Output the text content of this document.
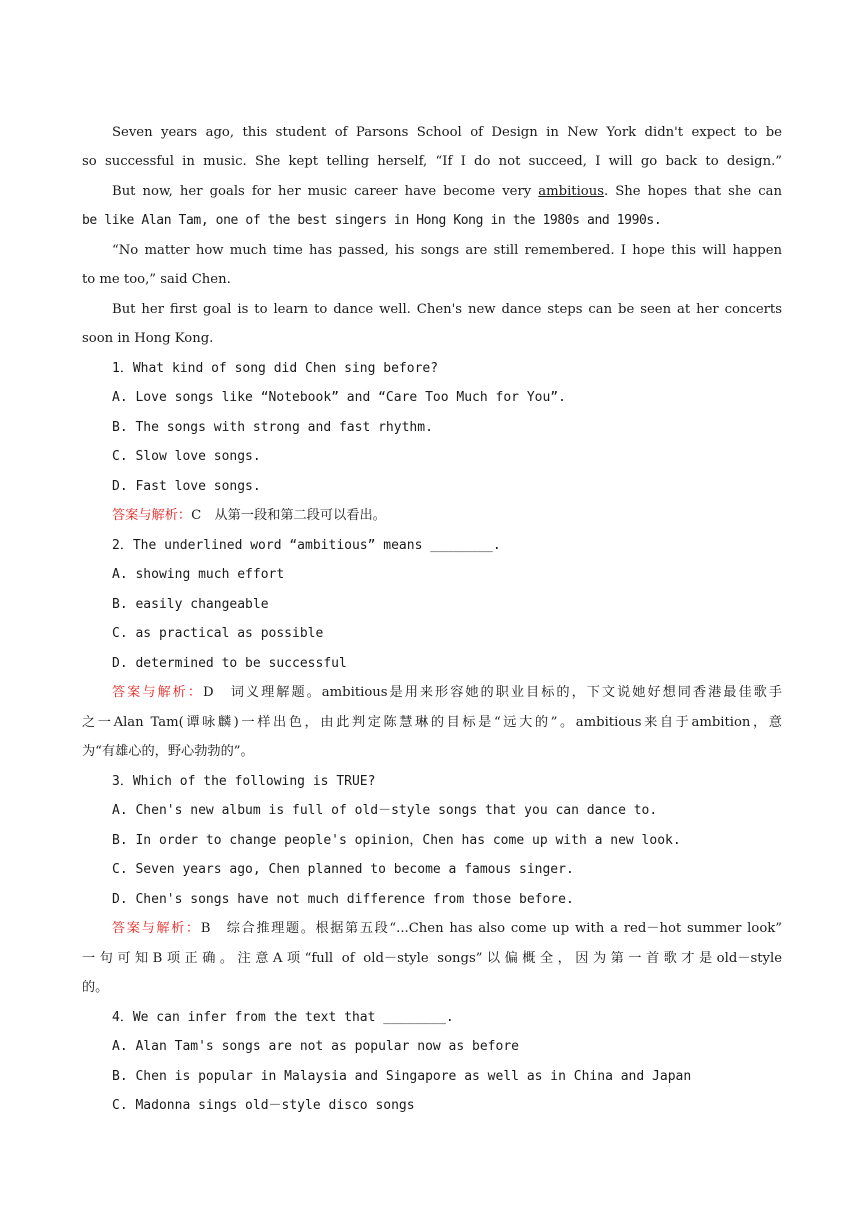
Seven years ago, this student of Parsons School of Design in New York didn't expect to be
so successful in music. She kept telling herself, “If I do not succeed, I will go back to design.”
But now, her goals for her music career have become very ambitious. She hopes that she can
be like Alan Tam, one of the best singers in Hong Kong in the 1980s and 1990s.
“No matter how much time has passed, his songs are still remembered. I hope this will happen
to me too,” said Chen.
But her first goal is to learn to dance well. Chen's new dance steps can be seen at her concerts
soon in Hong Kong.
1．What kind of song did Chen sing before?
A. Love songs like “Notebook” and “Care Too Much for You”.
B. The songs with strong and fast rhythm.
C. Slow love songs.
D. Fast love songs.
答案与解析：C　从第一段和第二段可以看出。
2．The underlined word “ambitious” means ________.
A. showing much effort
B. easily changeable
C. as practical as possible
D. determined to be successful
答案与解析：D　词义理解题。ambitious是用来形容她的职业目标的，下文说她好想同香港最佳歌手
之一Alan Tam(谭咏麟)一样出色，由此判定陈慧琳的目标是“远大的”。ambitious来自于ambition，意
为“有雄心的，野心勃勃的”。
3．Which of the following is TRUE?
A. Chen's new album is full of old－style songs that you can dance to.
B. In order to change people's opinion，Chen has come up with a new look.
C. Seven years ago, Chen planned to become a famous singer.
D. Chen's songs have not much difference from those before.
答案与解析：B　综合推理题。根据第五段“...Chen has also come up with a red－hot summer look”
一句可知B项正确。注意A项“full of old－style songs”以偏概全，因为第一首歌才是old－style
的。
4．We can infer from the text that ________.
A. Alan Tam's songs are not as popular now as before
B. Chen is popular in Malaysia and Singapore as well as in China and Japan
C. Madonna sings old－style disco songs
